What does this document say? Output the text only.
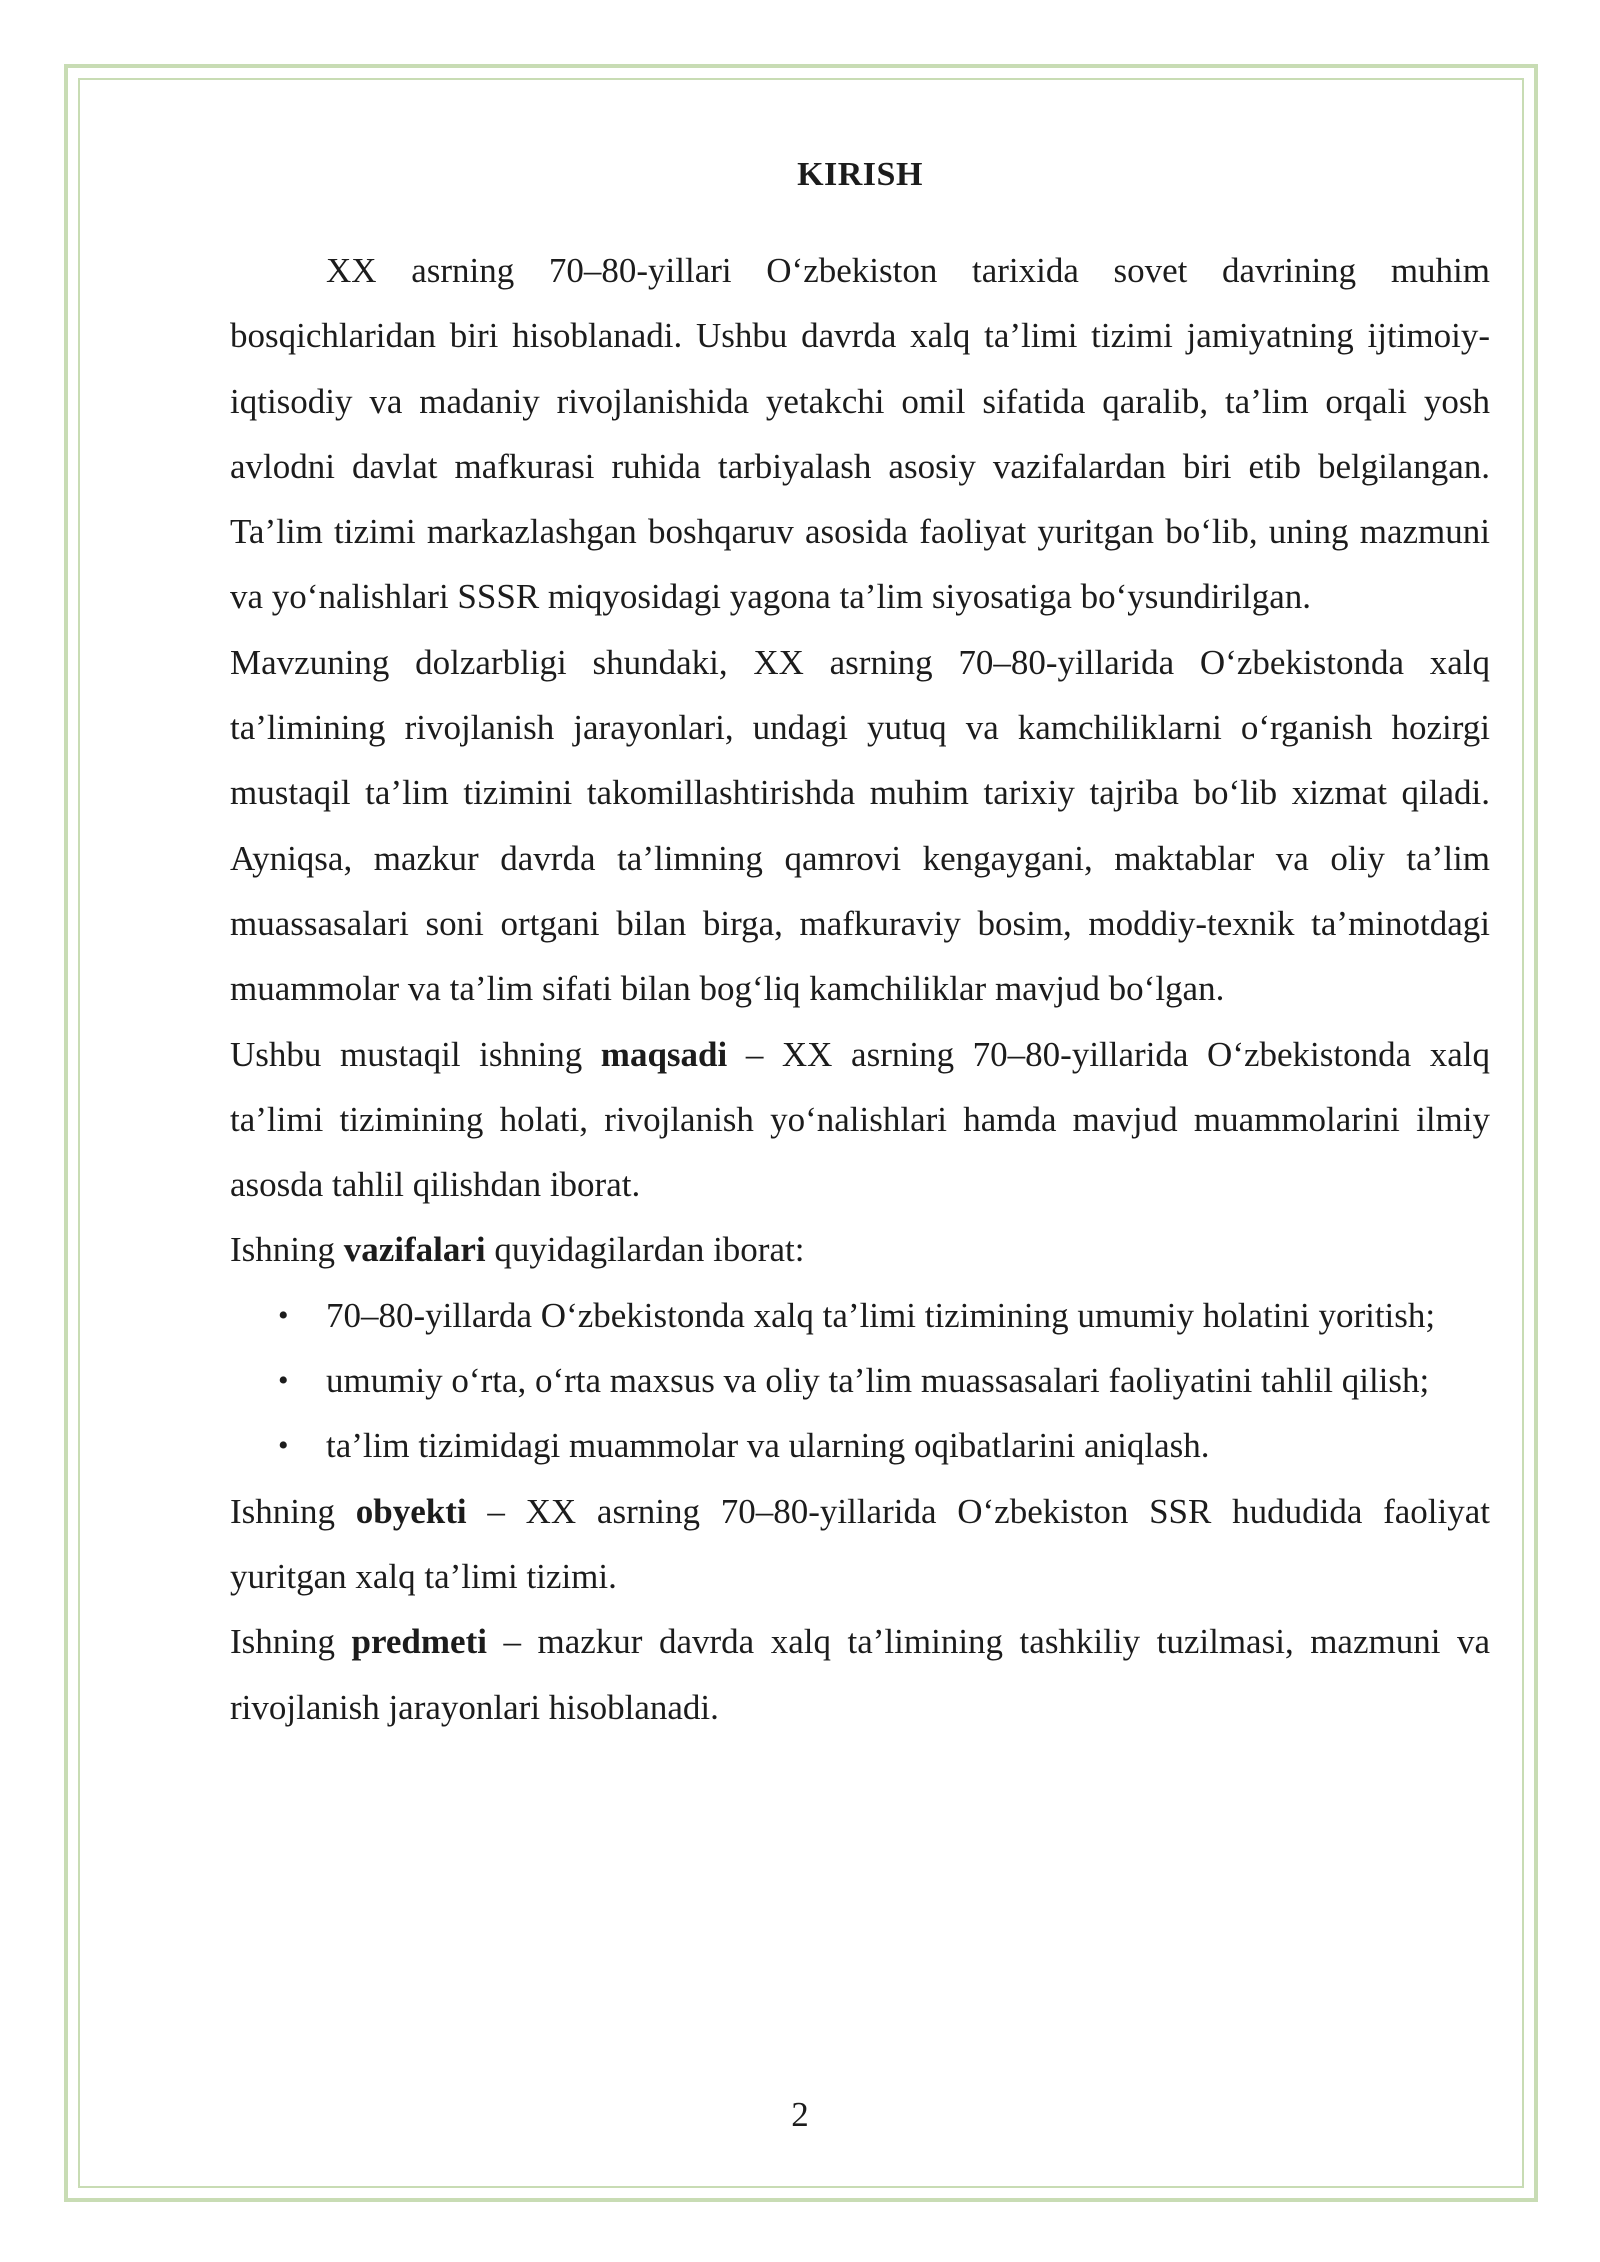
KIRISH

XX asrning 70–80-yillari O‘zbekiston tarixida sovet davrining muhim bosqichlaridan biri hisoblanadi. Ushbu davrda xalq ta’limi tizimi jamiyatning ijtimoiy-iqtisodiy va madaniy rivojlanishida yetakchi omil sifatida qaralib, ta’lim orqali yosh avlodni davlat mafkurasi ruhida tarbiyalash asosiy vazifalardan biri etib belgilangan. Ta’lim tizimi markazlashgan boshqaruv asosida faoliyat yuritgan bo‘lib, uning mazmuni va yo‘nalishlari SSSR miqyosidagi yagona ta’lim siyosatiga bo‘ysundirilgan.

Mavzuning dolzarbligi shundaki, XX asrning 70–80-yillarida O‘zbekistonda xalq ta’limining rivojlanish jarayonlari, undagi yutuq va kamchiliklarni o‘rganish hozirgi mustaqil ta’lim tizimini takomillashtirishda muhim tarixiy tajriba bo‘lib xizmat qiladi. Ayniqsa, mazkur davrda ta’limning qamrovi kengaygani, maktablar va oliy ta’lim muassasalari soni ortgani bilan birga, mafkuraviy bosim, moddiy-texnik ta’minotdagi muammolar va ta’lim sifati bilan bog‘liq kamchiliklar mavjud bo‘lgan.

Ushbu mustaqil ishning maqsadi – XX asrning 70–80-yillarida O‘zbekistonda xalq ta’limi tizimining holati, rivojlanish yo‘nalishlari hamda mavjud muammolarini ilmiy asosda tahlil qilishdan iborat.

Ishning vazifalari quyidagilardan iborat:

• 70–80-yillarda O‘zbekistonda xalq ta’limi tizimining umumiy holatini yoritish;
• umumiy o‘rta, o‘rta maxsus va oliy ta’lim muassasalari faoliyatini tahlil qilish;
• ta’lim tizimidagi muammolar va ularning oqibatlarini aniqlash.

Ishning obyekti – XX asrning 70–80-yillarida O‘zbekiston SSR hududida faoliyat yuritgan xalq ta’limi tizimi.

Ishning predmeti – mazkur davrda xalq ta’limining tashkiliy tuzilmasi, mazmuni va rivojlanish jarayonlari hisoblanadi.

2
